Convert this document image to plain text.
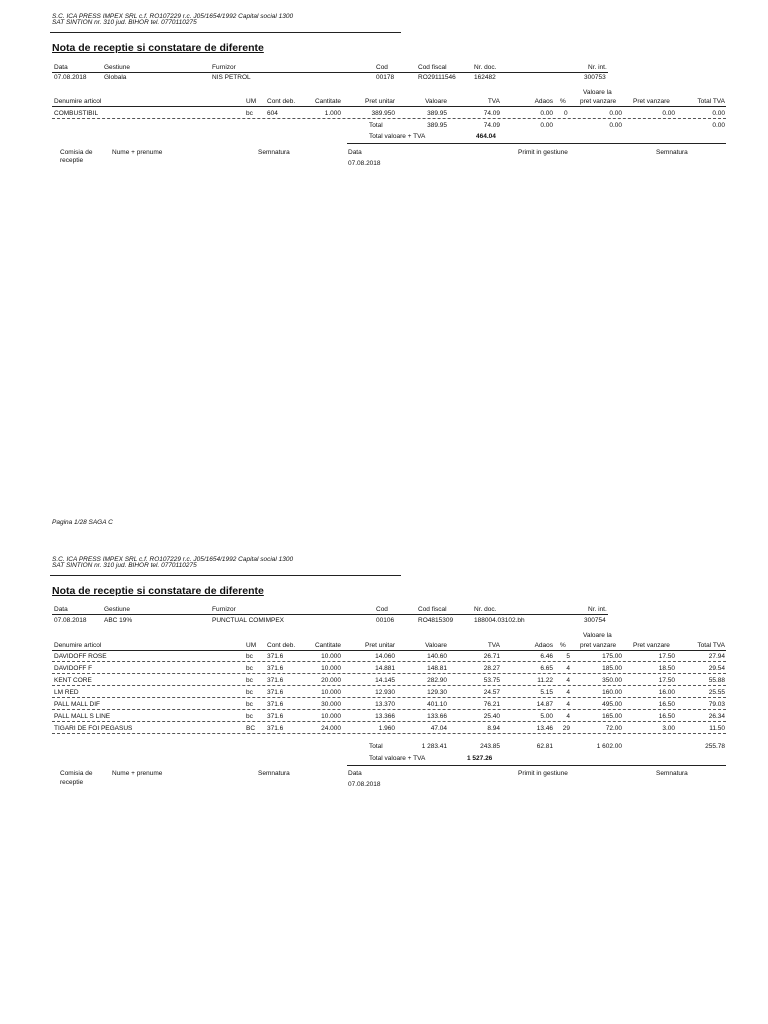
S.C. ICA PRESS IMPEX SRL c.f. RO107229 r.c. J05/1654/1992 Capital social 1300
SAT SINTION nr. 310 jud. BIHOR tel. 0770110275
Nota de receptie si constatare de diferente
Data	Gestiune	Furnizor	Cod	Cod fiscal	Nr. doc.	Nr. int.
07.08.2018	Globala	NIS PETROL	00178	RO29111546	162482	300753
Valoare la
Denumire articol	UM Cont deb.	Cantitate	Pret unitar	Valoare	TVA	Adaos % pret vanzare	Pret vanzare	Total TVA
COMBUSTIBIL	bc 604	1.000	389.950	389.95	74.09	0.00 0	0.00	0.00	0.00
Total	389.95	74.09	0.00	0.00	0.00
Total valoare + TVA	464.04
Comisia de
receptie
Nume + prenume	Semnatura	Data
07.08.2018
Primit in gestiune	Semnatura
Pagina 1/28 SAGA C
S.C. ICA PRESS IMPEX SRL c.f. RO107229 r.c. J05/1654/1992 Capital social 1300
SAT SINTION nr. 310 jud. BIHOR tel. 0770110275
Nota de receptie si constatare de diferente
Data	Gestiune	Furnizor	Cod	Cod fiscal	Nr. doc.	Nr. int.
07.08.2018	ABC 19%	PUNCTUAL COMIMPEX	00106	RO4815309	188004.03102.bh	300754
Valoare la
Denumire articol	UM Cont deb.	Cantitate	Pret unitar	Valoare	TVA	Adaos % pret vanzare	Pret vanzare	Total TVA
DAVIDOFF ROSE	bc 371.6	10.000	14.060	140.60	26.71	6.46	5	175.00	17.50	27.94
DAVIDOFF F	bc 371.6	10.000	14.881	148.81	28.27	6.65	4	185.00	18.50	29.54
KENT CORE	bc 371.6	20.000	14.145	282.90	53.75	11.22	4	350.00	17.50	55.88
LM RED	bc 371.6	10.000	12.930	129.30	24.57	5.15	4	160.00	16.00	25.55
PALL MALL DIF	bc 371.6	30.000	13.370	401.10	76.21	14.87	4	495.00	16.50	79.03
PALL MALL S LINE	bc 371.6	10.000	13.366	133.66	25.40	5.00	4	165.00	16.50	26.34
TIGARI DE FOI PEGASUS	BC 371.6	24.000	1.960	47.04	8.94	13.46	29	72.00	3.00	11.50
Total	1 283.41	243.85	62.81	1 602.00	255.78
Total valoare + TVA	1 527.26
Comisia de
receptie
Nume + prenume	Semnatura	Data
07.08.2018
Primit in gestiune	Semnatura
